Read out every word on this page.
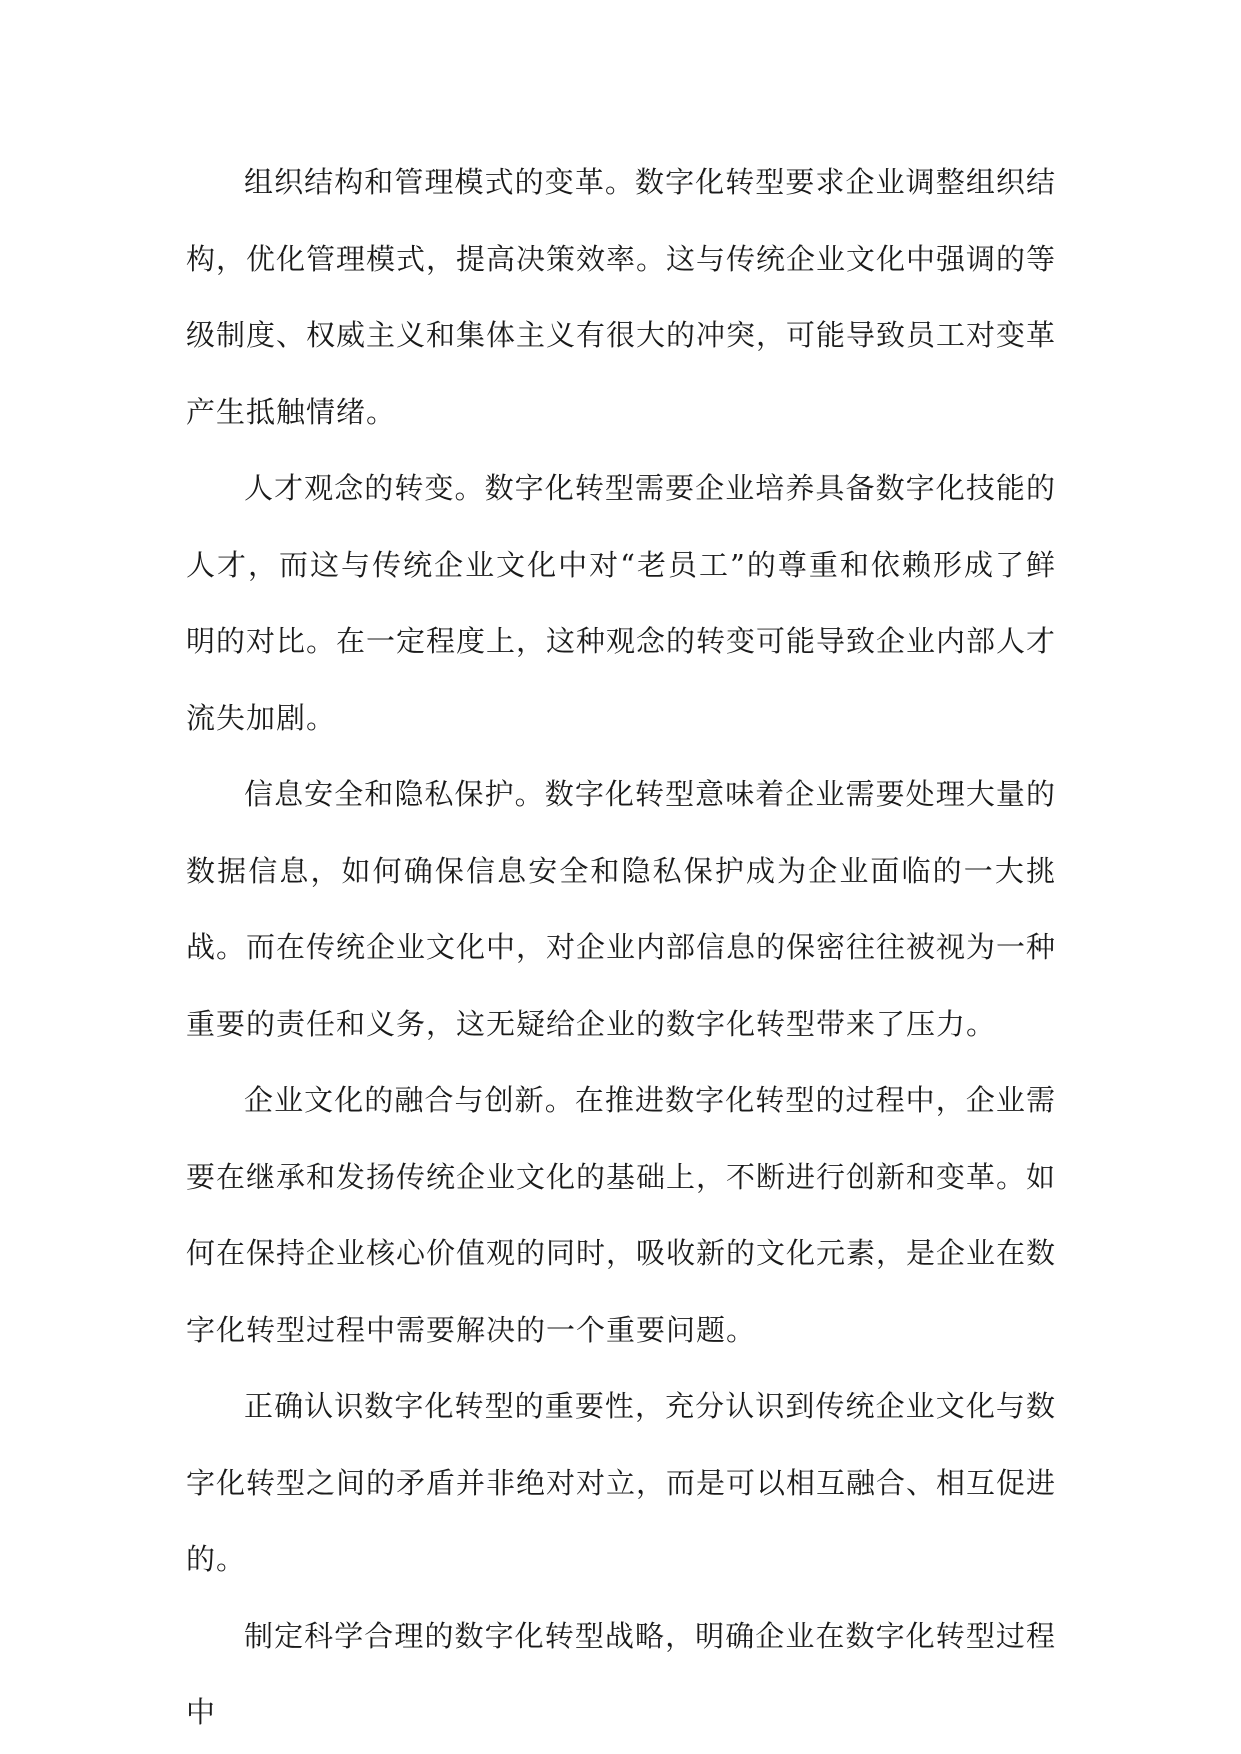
组织结构和管理模式的变革。数字化转型要求企业调整组织结构，优化管理模式，提高决策效率。这与传统企业文化中强调的等级制度、权威主义和集体主义有很大的冲突，可能导致员工对变革产生抵触情绪。

人才观念的转变。数字化转型需要企业培养具备数字化技能的人才，而这与传统企业文化中对“老员工”的尊重和依赖形成了鲜明的对比。在一定程度上，这种观念的转变可能导致企业内部人才流失加剧。

信息安全和隐私保护。数字化转型意味着企业需要处理大量的数据信息，如何确保信息安全和隐私保护成为企业面临的一大挑战。而在传统企业文化中，对企业内部信息的保密往往被视为一种重要的责任和义务，这无疑给企业的数字化转型带来了压力。

企业文化的融合与创新。在推进数字化转型的过程中，企业需要在继承和发扬传统企业文化的基础上，不断进行创新和变革。如何在保持企业核心价值观的同时，吸收新的文化元素，是企业在数字化转型过程中需要解决的一个重要问题。

正确认识数字化转型的重要性，充分认识到传统企业文化与数字化转型之间的矛盾并非绝对对立，而是可以相互融合、相互促进的。

制定科学合理的数字化转型战略，明确企业在数字化转型过程中
